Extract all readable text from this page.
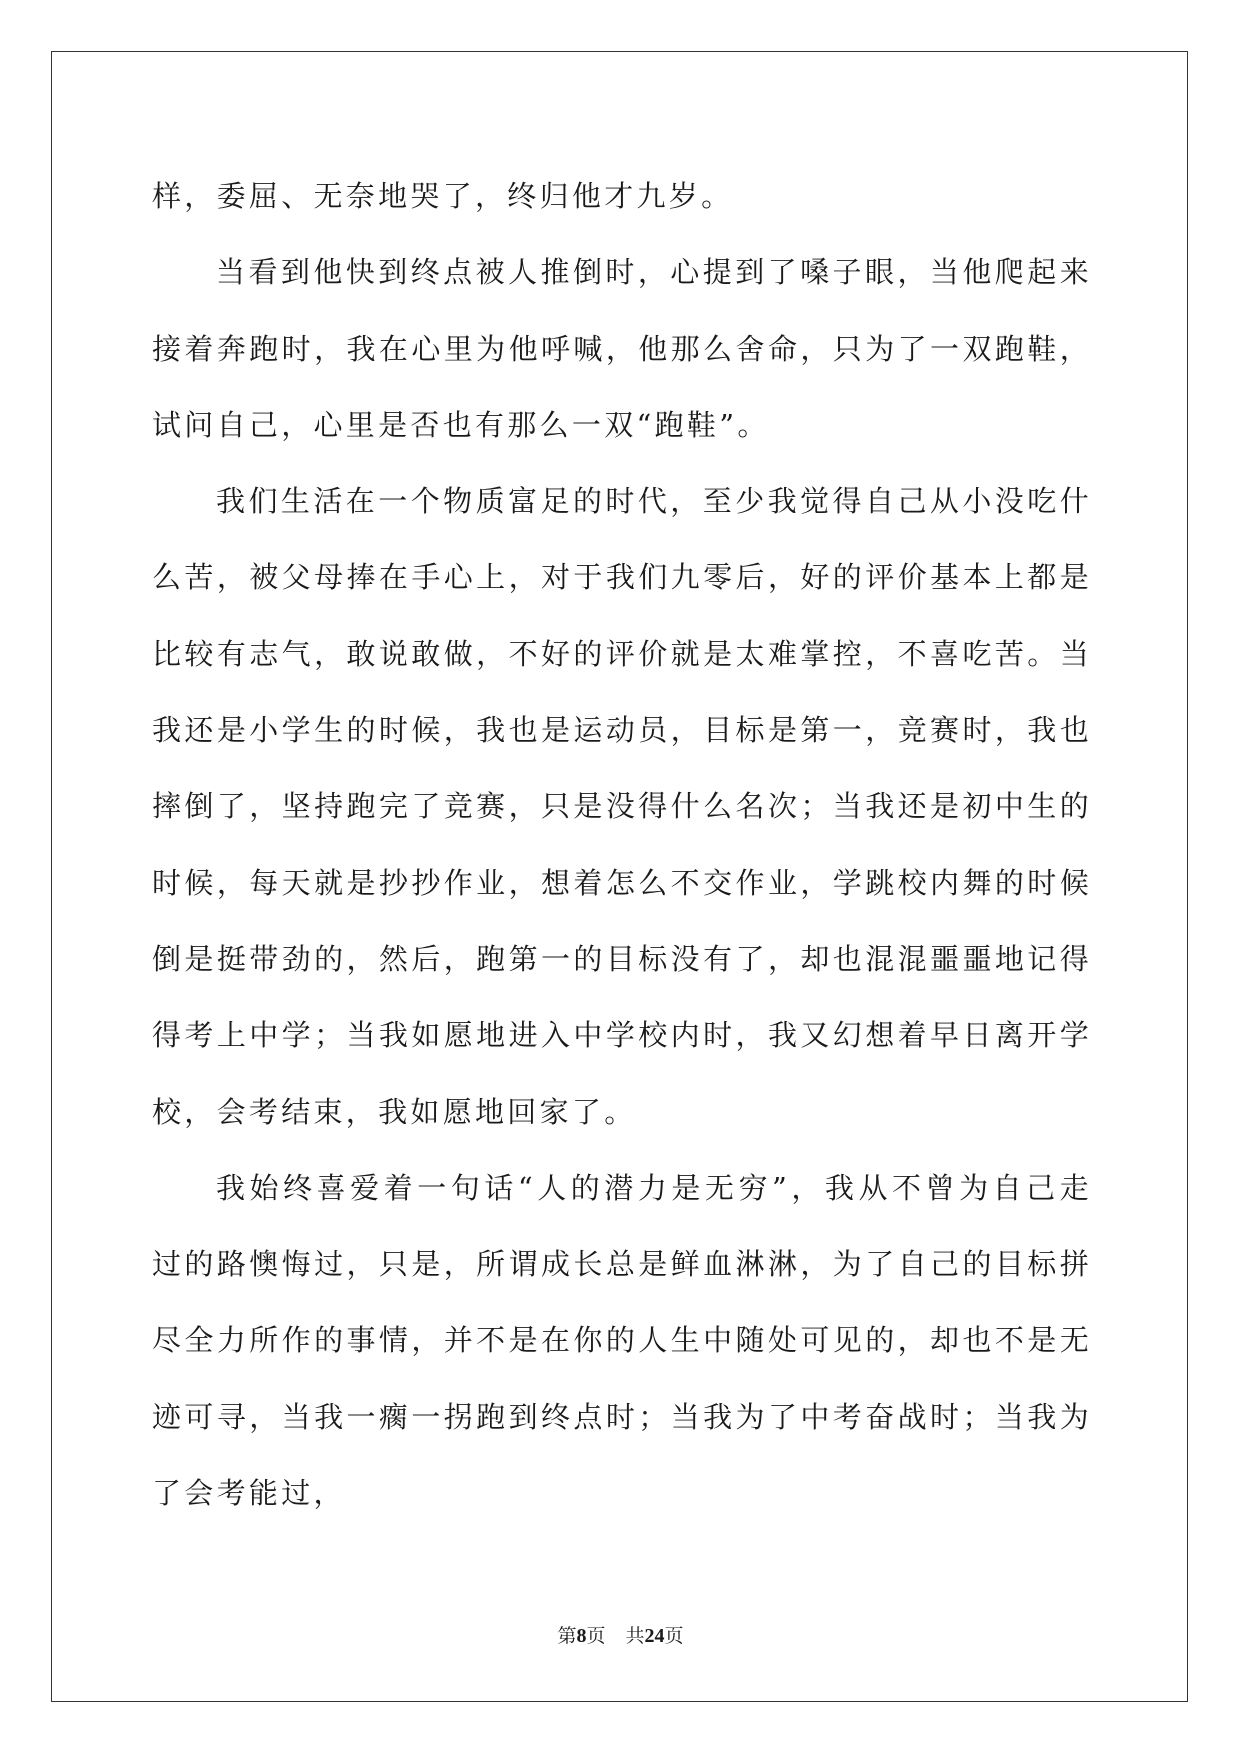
样，委屈、无奈地哭了，终归他才九岁。

当看到他快到终点被人推倒时，心提到了嗓子眼，当他爬起来接着奔跑时，我在心里为他呼喊，他那么舍命，只为了一双跑鞋，试问自己，心里是否也有那么一双“跑鞋”。

我们生活在一个物质富足的时代，至少我觉得自己从小没吃什么苦，被父母捧在手心上，对于我们九零后，好的评价基本上都是比较有志气，敢说敢做，不好的评价就是太难掌控，不喜吃苦。当我还是小学生的时候，我也是运动员，目标是第一，竞赛时，我也摔倒了，坚持跑完了竞赛，只是没得什么名次；当我还是初中生的时候，每天就是抄抄作业，想着怎么不交作业，学跳校内舞的时候倒是挺带劲的，然后，跑第一的目标没有了，却也混混噩噩地记得得考上中学；当我如愿地进入中学校内时，我又幻想着早日离开学校，会考结束，我如愿地回家了。

我始终喜爱着一句话“人的潜力是无穷”，我从不曾为自己走过的路懊悔过，只是，所谓成长总是鲜血淋淋，为了自己的目标拼尽全力所作的事情，并不是在你的人生中随处可见的，却也不是无迹可寻，当我一瘸一拐跑到终点时；当我为了中考奋战时；当我为了会考能过，

第8页 共24页
